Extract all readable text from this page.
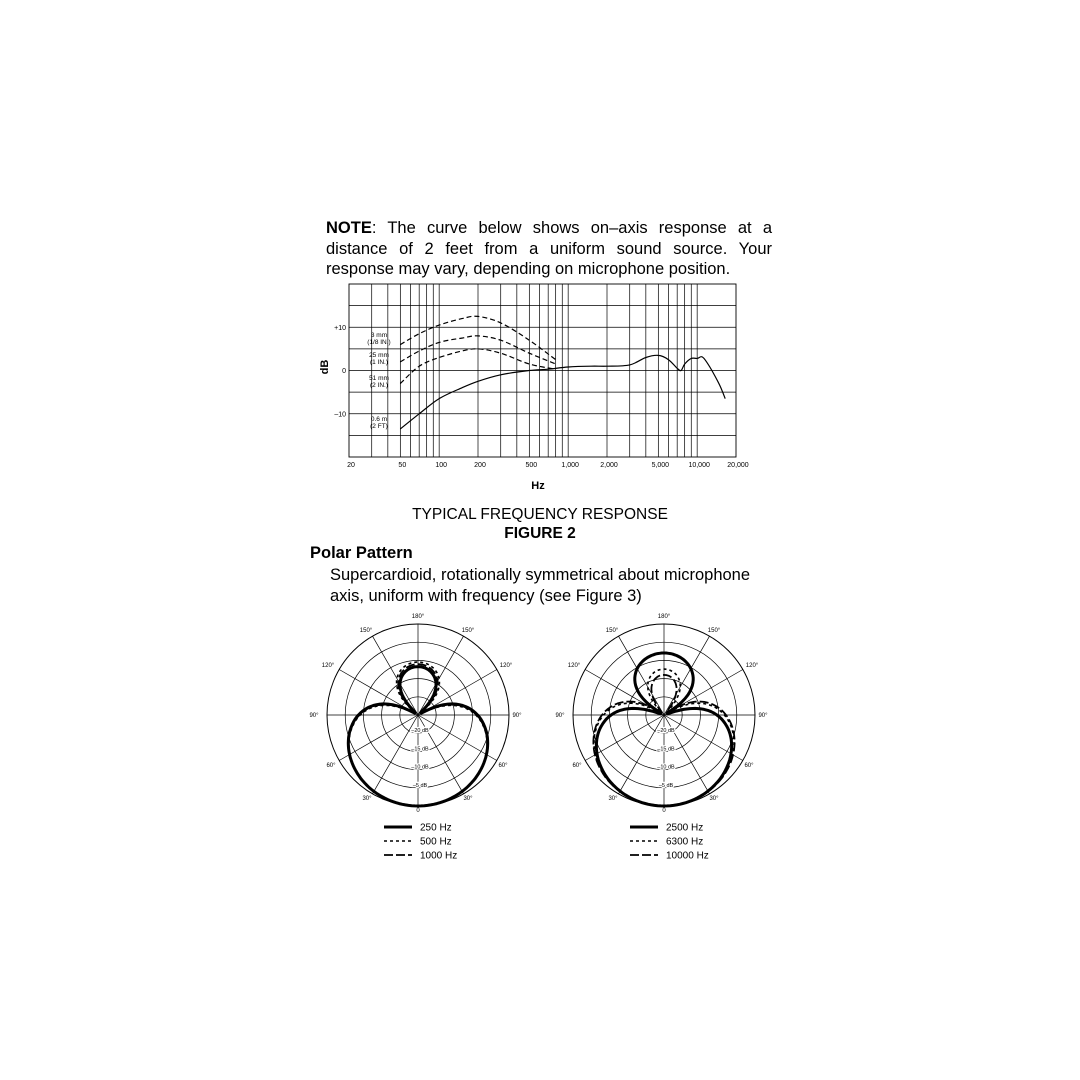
NOTE: The curve below shows on–axis response at a distance of 2 feet from a uniform sound source. Your response may vary, depending on microphone position.

20	50	100	200	500	1,000	2,000	5,000	10,000 20,000
+10
0
–10
Hz
dB
3 mm
(1/8 IN.)
25 mm
(1 IN.)
51 mm
(2 IN.)
0.6 m
(2 FT)

TYPICAL FREQUENCY RESPONSE

FIGURE 2

Polar Pattern

Supercardioid, rotationally symmetrical about microphone axis, uniform with frequency (see Figure 3)

180°
150°	150°
120°	120°
90°	90°
60°	60°
30°	30°
0
–20 dB
–15 dB
–10 dB
–5 dB
250 Hz
500 Hz
1000 Hz
180°
150°	150°
120°	120°
90°	90°
60°	60°
30°	30°
0
–20 dB
–15 dB
–10 dB
–5 dB
2500 Hz
6300 Hz
10000 Hz
